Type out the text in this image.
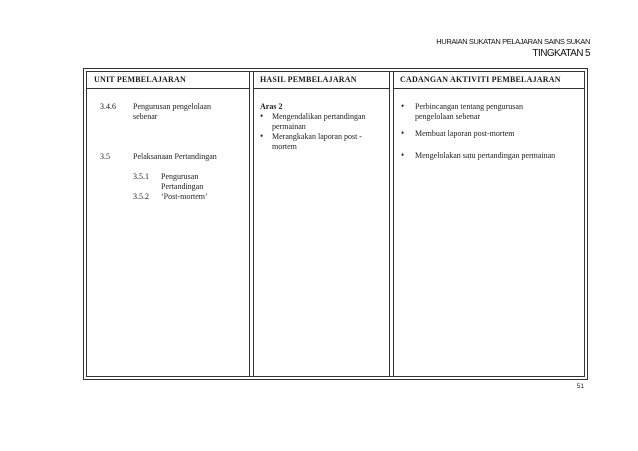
HURAIAN SUKATAN PELAJARAN SAINS SUKAN
TINGKATAN 5
UNIT PEMBELAJARAN
3.4.6 Pengurusan pengelolaan
sebenar
3.5	Pelaksanaan Pertandingan
3.5.1 Pengurusan
Pertandingan
3.5.2 ‘Post-mortem’
HASIL PEMBELAJARAN
Aras 2
• Mengendalikan pertandingan
permainan
• Merangkakan laporan post -
mortem
CADANGAN AKTIVITI PEMBELAJARAN
• Perbincangan tentang pengurusan
pengelolaan sebenar
• Membuat laporan post-mortem
• Mengelolakan satu pertandingan permainan
51
